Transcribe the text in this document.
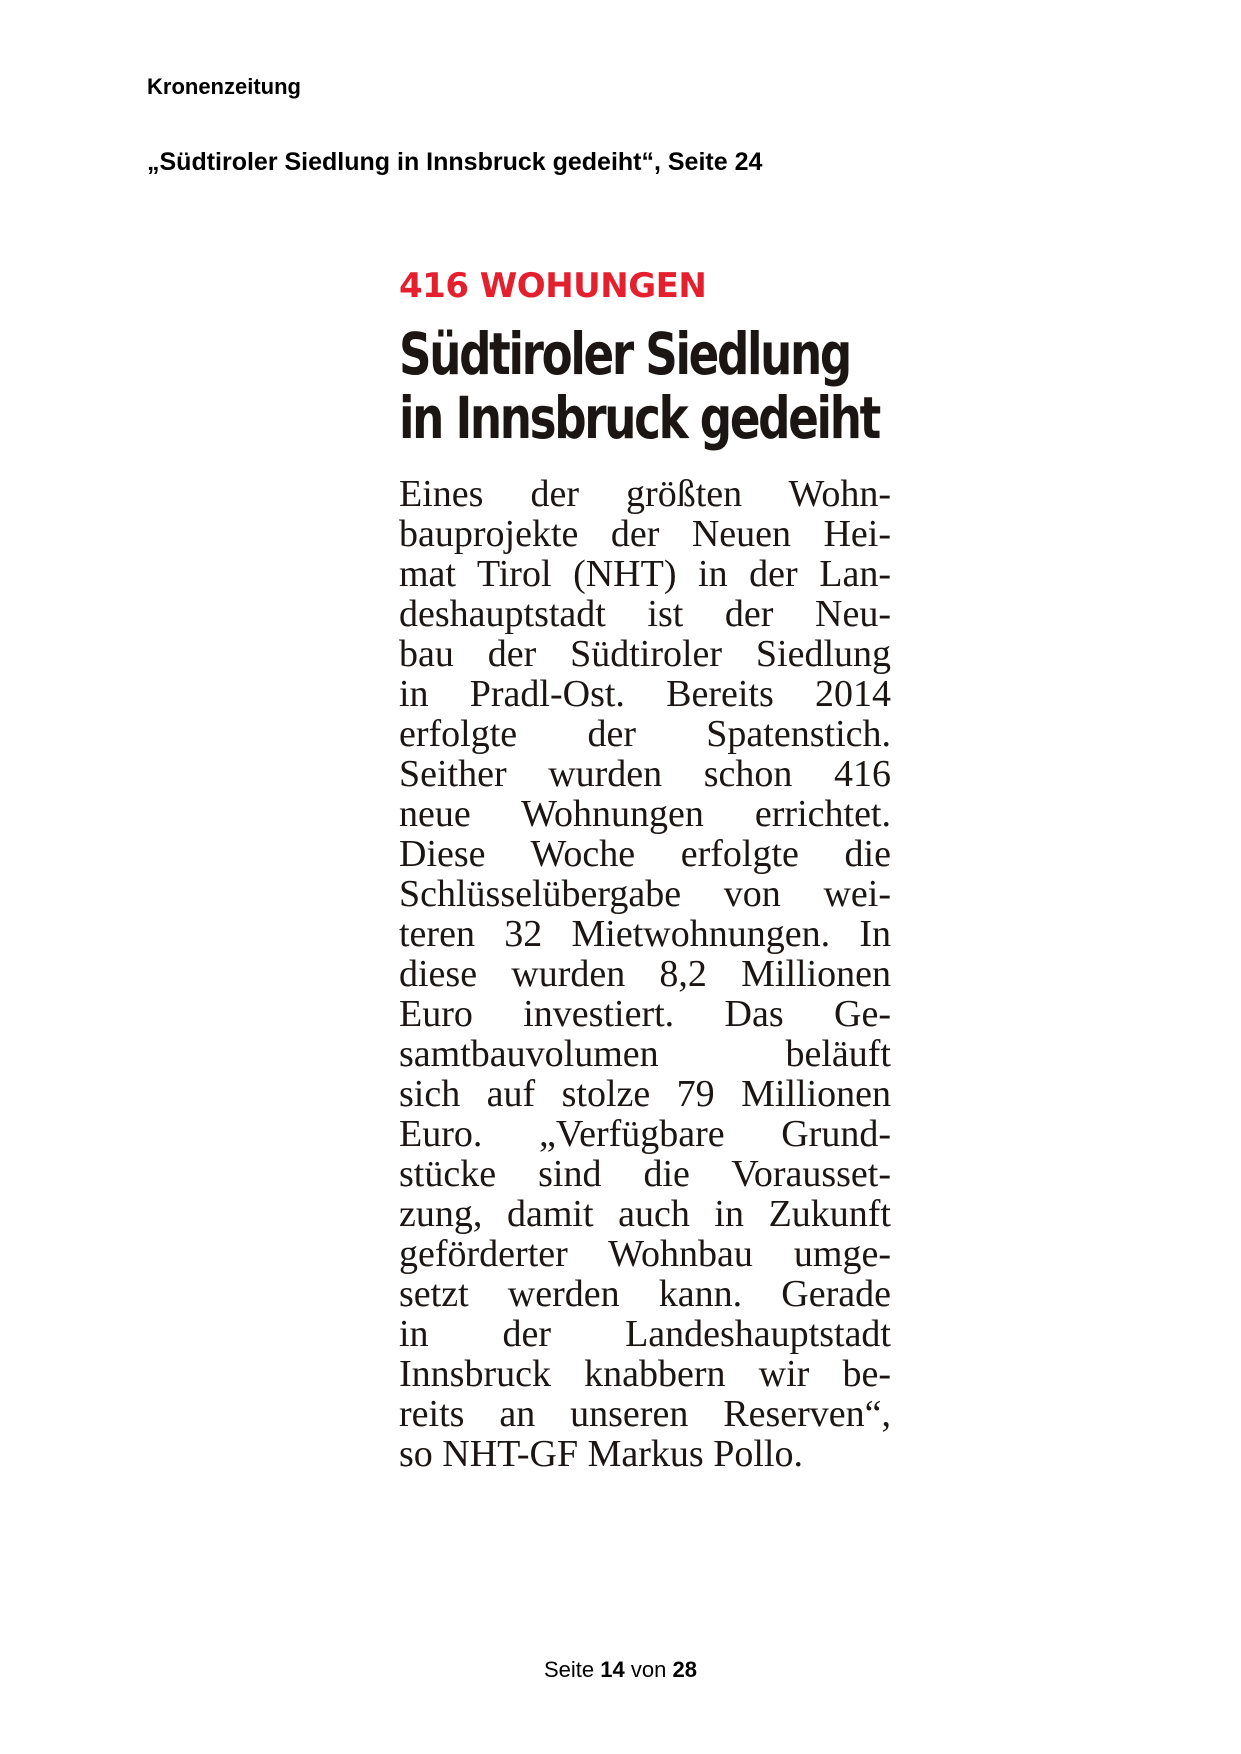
Kronenzeitung
„Südtiroler Siedlung in Innsbruck gedeiht“, Seite 24
416 WOHUNGEN
Südtiroler Siedlung
in Innsbruck gedeiht
Eines der größten Wohn-
bauprojekte der Neuen Hei-
mat Tirol (NHT) in der Lan-
deshauptstadt ist der Neu-
bau der Südtiroler Siedlung
in Pradl-Ost. Bereits 2014
erfolgte der Spatenstich.
Seither wurden schon 416
neue Wohnungen errichtet.
Diese Woche erfolgte die
Schlüsselübergabe von wei-
teren 32 Mietwohnungen. In
diese wurden 8,2 Millionen
Euro investiert. Das Ge-
samtbauvolumen beläuft
sich auf stolze 79 Millionen
Euro. „Verfügbare Grund-
stücke sind die Vorausset-
zung, damit auch in Zukunft
geförderter Wohnbau umge-
setzt werden kann. Gerade
in der Landeshauptstadt
Innsbruck knabbern wir be-
reits an unseren Reserven“,
so NHT-GF Markus Pollo.
Seite 14 von 28
